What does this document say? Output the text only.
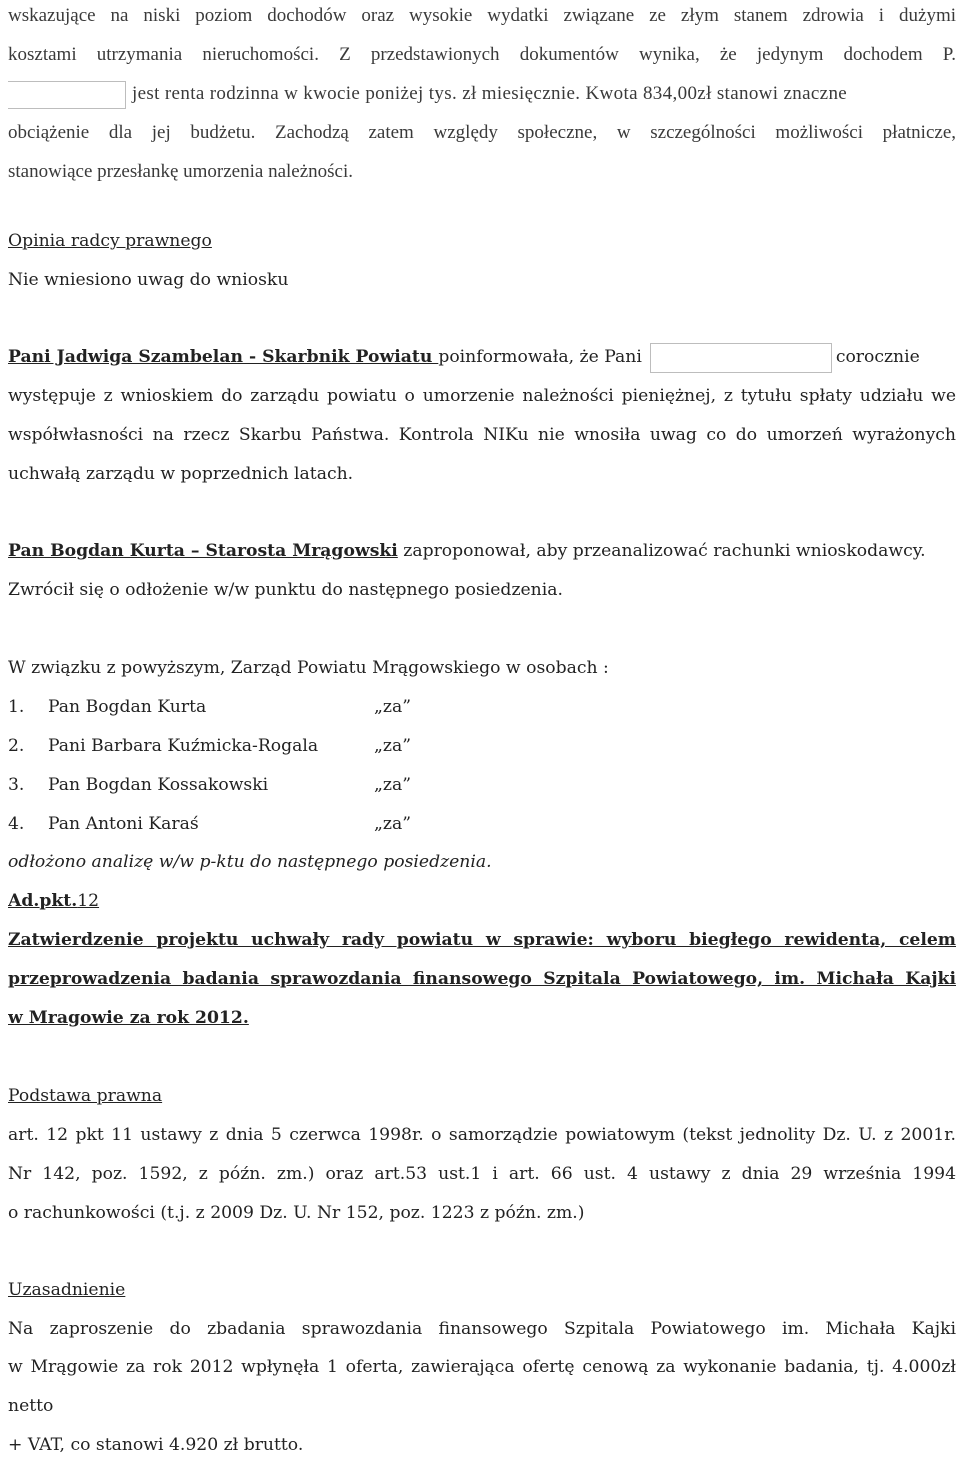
wskazujące na niski poziom dochodów oraz wysokie wydatki związane ze złym stanem zdrowia i dużymi
kosztami utrzymania nieruchomości. Z przedstawionych dokumentów wynika, że jedynym dochodem P.
jest renta rodzinna w kwocie poniżej tys. zł miesięcznie. Kwota 834,00zł stanowi znaczne
obciążenie dla jej budżetu. Zachodzą zatem względy społeczne, w szczególności możliwości płatnicze,
stanowiące przesłankę umorzenia należności.
Opinia radcy prawnego
Nie wniesiono uwag do wniosku
Pani Jadwiga Szambelan - Skarbnik Powiatu poinformowała, że Pani	corocznie
występuje z wnioskiem do zarządu powiatu o umorzenie należności pieniężnej, z tytułu spłaty udziału we
współwłasności na rzecz Skarbu Państwa. Kontrola NIKu nie wnosiła uwag co do umorzeń wyrażonych
uchwałą zarządu w poprzednich latach.
Pan Bogdan Kurta – Starosta Mrągowski zaproponował, aby przeanalizować rachunki wnioskodawcy.
Zwrócił się o odłożenie w/w punktu do następnego posiedzenia.
W związku z powyższym, Zarząd Powiatu Mrągowskiego w osobach :
1. Pan Bogdan Kurta	„za”
2. Pani Barbara Kuźmicka-Rogala	„za”
3. Pan Bogdan Kossakowski	„za”
4. Pan Antoni Karaś	„za”
odłożono analizę w/w p-ktu do następnego posiedzenia.
Ad.pkt.12
Zatwierdzenie projektu uchwały rady powiatu w sprawie: wyboru biegłego rewidenta, celem
przeprowadzenia badania sprawozdania finansowego Szpitala Powiatowego, im. Michała Kajki
w Mragowie za rok 2012.
Podstawa prawna
art. 12 pkt 11 ustawy z dnia 5 czerwca 1998r. o samorządzie powiatowym (tekst jednolity Dz. U. z 2001r.
Nr 142, poz. 1592, z późn. zm.) oraz art.53 ust.1 i art. 66 ust. 4 ustawy z dnia 29 września 1994
o rachunkowości (t.j. z 2009 Dz. U. Nr 152, poz. 1223 z późn. zm.)
Uzasadnienie
Na zaproszenie do zbadania sprawozdania finansowego Szpitala Powiatowego im. Michała Kajki
w Mrągowie za rok 2012 wpłynęła 1 oferta, zawierająca ofertę cenową za wykonanie badania, tj. 4.000zł
netto
+ VAT, co stanowi 4.920 zł brutto.
